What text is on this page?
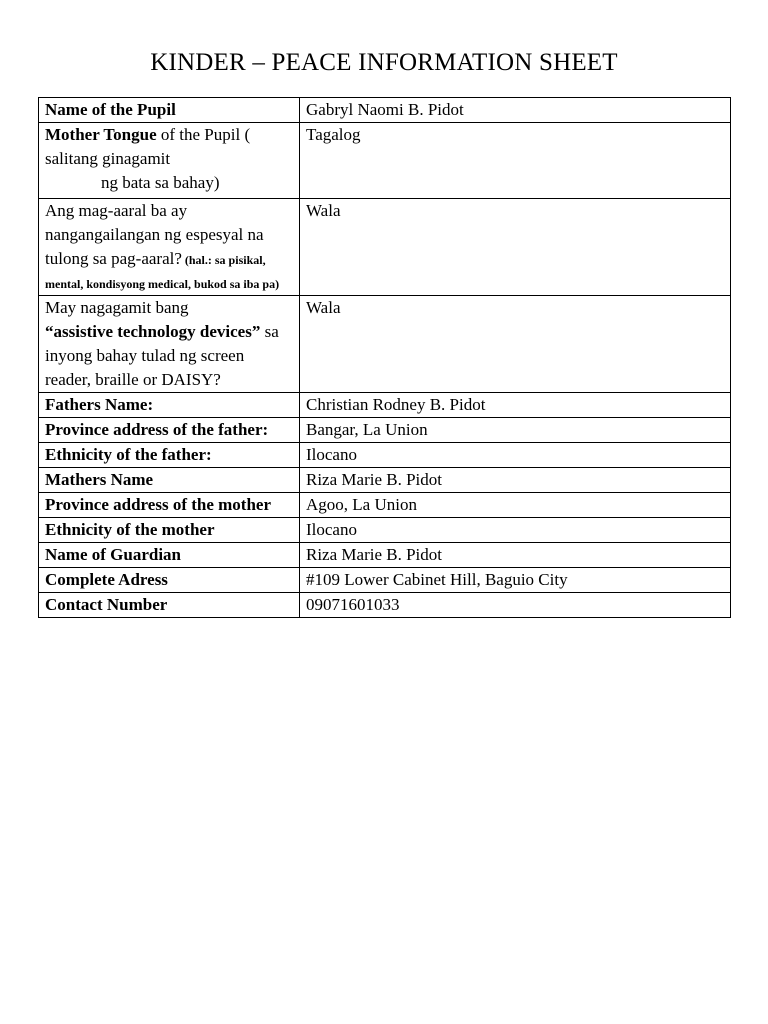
KINDER – PEACE INFORMATION SHEET
Name of the Pupil	Gabryl Naomi B. Pidot
Mother Tongue of the Pupil (
salitang ginagamit
ng bata sa bahay)	Tagalog
Ang mag-aaral ba ay nangangailangan ng espesyal na tulong sa pag-aaral? (hal.: sa pisikal, mental, kondisyong medical, bukod sa iba pa)	Wala
May nagagamit bang
“assistive technology devices” sa inyong bahay tulad ng screen reader, braille or DAISY?	Wala
Fathers Name:	Christian Rodney B. Pidot
Province address of the father:	Bangar, La Union
Ethnicity of the father:	Ilocano
Mathers Name	Riza Marie B. Pidot
Province address of the mother	Agoo, La Union
Ethnicity of the mother	Ilocano
Name of Guardian	Riza Marie B. Pidot
Complete Adress	#109 Lower Cabinet Hill, Baguio City
Contact Number	09071601033
